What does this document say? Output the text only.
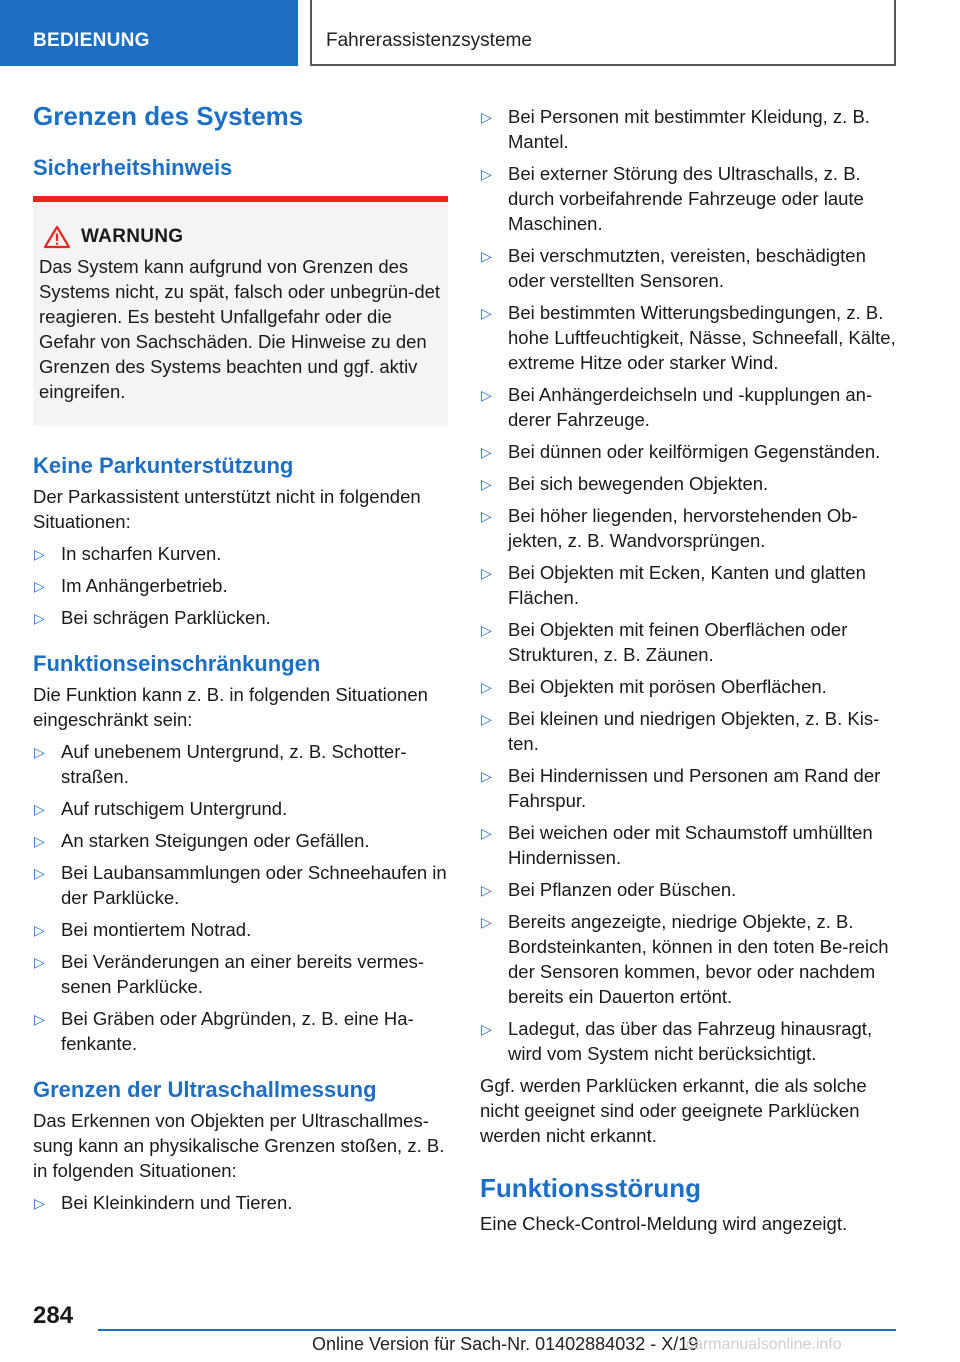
BEDIENUNG	Fahrerassistenzsysteme
Grenzen des Systems
Sicherheitshinweis
WARNUNG
Das System kann aufgrund von Grenzen des Systems nicht, zu spät, falsch oder unbegrün-det reagieren. Es besteht Unfallgefahr oder die Gefahr von Sachschäden. Die Hinweise zu den Grenzen des Systems beachten und ggf. aktiv eingreifen.
Keine Parkunterstützung

Der Parkassistent unterstützt nicht in folgenden Situationen:

▷ In scharfen Kurven.
▷ Im Anhängerbetrieb.
▷ Bei schrägen Parklücken.
Funktionseinschränkungen

Die Funktion kann z. B. in folgenden Situationen eingeschränkt sein:

▷ Auf unebenem Untergrund, z. B. Schotter-straßen.
▷ Auf rutschigem Untergrund.
▷ An starken Steigungen oder Gefällen.
▷ Bei Laubansammlungen oder Schneehaufen in der Parklücke.
▷ Bei montiertem Notrad.
▷ Bei Veränderungen an einer bereits vermes-senen Parklücke.
▷ Bei Gräben oder Abgründen, z. B. eine Ha-fenkante.
Grenzen der Ultraschallmessung

Das Erkennen von Objekten per Ultraschallmes-sung kann an physikalische Grenzen stoßen, z. B. in folgenden Situationen:

▷ Bei Kleinkindern und Tieren.
▷ Bei Personen mit bestimmter Kleidung, z. B. Mantel.
▷ Bei externer Störung des Ultraschalls, z. B. durch vorbeifahrende Fahrzeuge oder laute Maschinen.
▷ Bei verschmutzten, vereisten, beschädigten oder verstellten Sensoren.
▷ Bei bestimmten Witterungsbedingungen, z. B. hohe Luftfeuchtigkeit, Nässe, Schneefall, Kälte, extreme Hitze oder starker Wind.
▷ Bei Anhängerdeichseln und -kupplungen an-derer Fahrzeuge.
▷ Bei dünnen oder keilförmigen Gegenständen.
▷ Bei sich bewegenden Objekten.
▷ Bei höher liegenden, hervorstehenden Ob-jekten, z. B. Wandvorsprüngen.
▷ Bei Objekten mit Ecken, Kanten und glatten Flächen.
▷ Bei Objekten mit feinen Oberflächen oder Strukturen, z. B. Zäunen.
▷ Bei Objekten mit porösen Oberflächen.
▷ Bei kleinen und niedrigen Objekten, z. B. Kis-ten.
▷ Bei Hindernissen und Personen am Rand der Fahrspur.
▷ Bei weichen oder mit Schaumstoff umhüllten Hindernissen.
▷ Bei Pflanzen oder Büschen.
▷ Bereits angezeigte, niedrige Objekte, z. B. Bordsteinkanten, können in den toten Be-reich der Sensoren kommen, bevor oder nachdem bereits ein Dauerton ertönt.
▷ Ladegut, das über das Fahrzeug hinausragt, wird vom System nicht berücksichtigt.

Ggf. werden Parklücken erkannt, die als solche nicht geeignet sind oder geeignete Parklücken werden nicht erkannt.

Funktionsstörung

Eine Check-Control-Meldung wird angezeigt.

284
Online Version für Sach-Nr. 01402884032 - X/19
carmanualsonline.info
